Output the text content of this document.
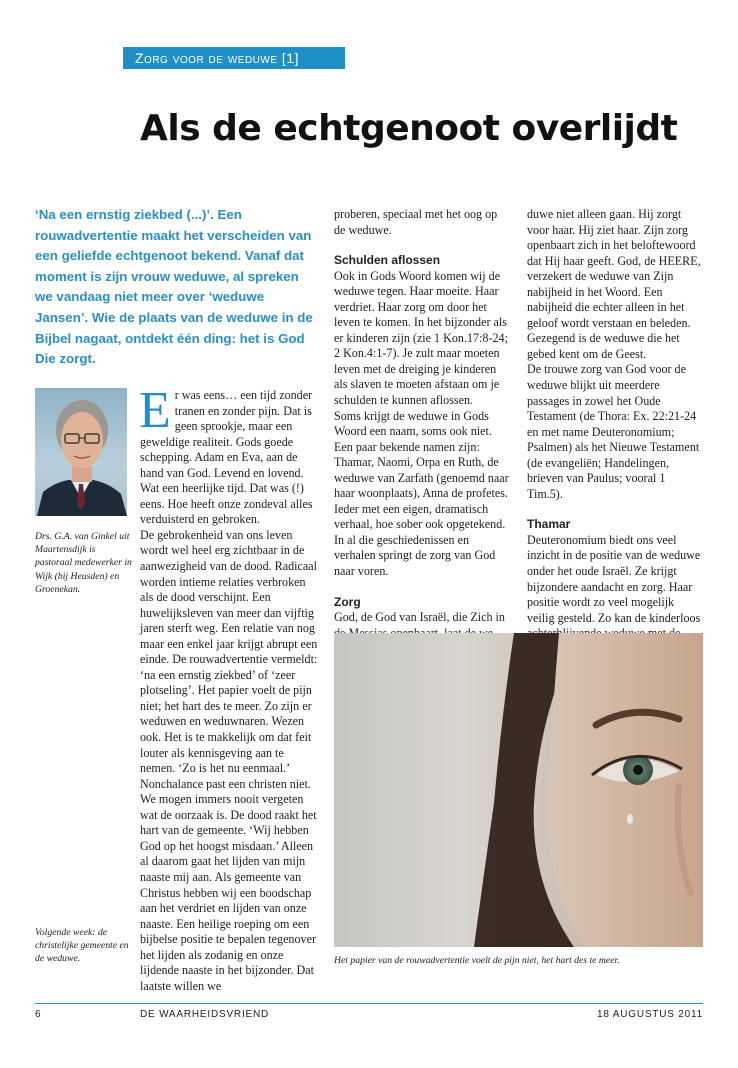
Zorg voor de weduwe [1]
Als de echtgenoot overlijdt

‘Na een ernstig ziekbed (...)’. Een rouwadvertentie maakt het verscheiden van een geliefde echtgenoot bekend. Vanaf dat moment is zijn vrouw weduwe, al spreken we vandaag niet meer over ‘weduwe Jansen’. Wie de plaats van de weduwe in de Bijbel nagaat, ontdekt één ding: het is God Die zorgt.

Drs. G.A. van Ginkel uit Maartensdijk is pastoraal medewerker in Wijk (bij Heusden) en Groenekan.

Volgende week: de christelijke gemeente en de weduwe.

Er was eens… een tijd zonder tranen en zonder pijn. Dat is geen sprookje, maar een geweldige realiteit. Gods goede schepping. Adam en Eva, aan de hand van God. Levend en lovend. Wat een heerlijke tijd. Dat was (!) eens. Hoe heeft onze zondeval alles verduisterd en gebroken.

De gebrokenheid van ons leven wordt wel heel erg zichtbaar in de aanwezigheid van de dood. Radicaal worden intieme relaties verbroken als de dood verschijnt. Een huwelijksleven van meer dan vijftig jaren sterft weg. Een relatie van nog maar een enkel jaar krijgt abrupt een einde. De rouwadvertentie vermeldt: ‘na een ernstig ziekbed’ of ‘zeer plotseling’. Het papier voelt de pijn niet; het hart des te meer. Zo zijn er weduwen en weduwnaren. Wezen ook. Het is te makkelijk om dat feit louter als kennisgeving aan te nemen. ‘Zo is het nu eenmaal.’ Nonchalance past een christen niet. We mogen immers nooit vergeten wat de oorzaak is. De dood raakt het hart van de gemeente. ‘Wij hebben God op het hoogst misdaan.’ Alleen al daarom gaat het lijden van mijn naaste mij aan. Als gemeente van Christus hebben wij een boodschap aan het verdriet en lijden van onze naaste. Een heilige roeping om een bijbelse positie te bepalen tegenover het lijden als zodanig en onze lijdende naaste in het bijzonder. Dat laatste willen we

proberen, speciaal met het oog op de weduwe.

Schulden aflossen

Ook in Gods Woord komen wij de weduwe tegen. Haar moeite. Haar verdriet. Haar zorg om door het leven te komen. In het bijzonder als er kinderen zijn (zie 1 Kon.17:8-24; 2 Kon.4:1-7). Je zult maar moeten leven met de dreiging je kinderen als slaven te moeten afstaan om je schulden te kunnen aflossen.

Soms krijgt de weduwe in Gods Woord een naam, soms ook niet. Een paar bekende namen zijn: Thamar, Naomi, Orpa en Ruth, de weduwe van Zarfath (genoemd naar haar woonplaats), Anna de profetes. Ieder met een eigen, dramatisch verhaal, hoe sober ook opgetekend. In al die geschiedenissen en verhalen springt de zorg van God naar voren.

Zorg

God, de God van Israël, die Zich in

duwe niet alleen gaan. Hij zorgt voor haar. Hij ziet haar. Zijn zorg openbaart zich in het beloftewoord dat Hij haar geeft. God, de HEERE, verzekert de weduwe van Zijn nabijheid in het Woord. Een nabijheid die echter alleen in het geloof wordt verstaan en beleden. Gezegend is de weduwe die het gebed kent om de Geest.

De trouwe zorg van God voor de weduwe blijkt uit meerdere passages in zowel het Oude Testament (de Thora: Ex. 22:21-24 en met name Deuteronomium; Psalmen) als het Nieuwe Testament (de evangeliën; Handelingen, brieven van Paulus; vooral 1 Tim.5).

Thamar

Deuteronomium biedt ons veel inzicht in de positie van de weduwe onder het oude Israël. Ze krijgt bijzondere aandacht en zorg. Haar positie wordt zo veel mogelijk veilig gesteld. Zo kan de kinderloos

Het papier van de rouwadvertentie voelt de pijn niet, het hart des te meer.

6	DE WAARHEIDSVRIEND	18 AUGUSTUS 2011
